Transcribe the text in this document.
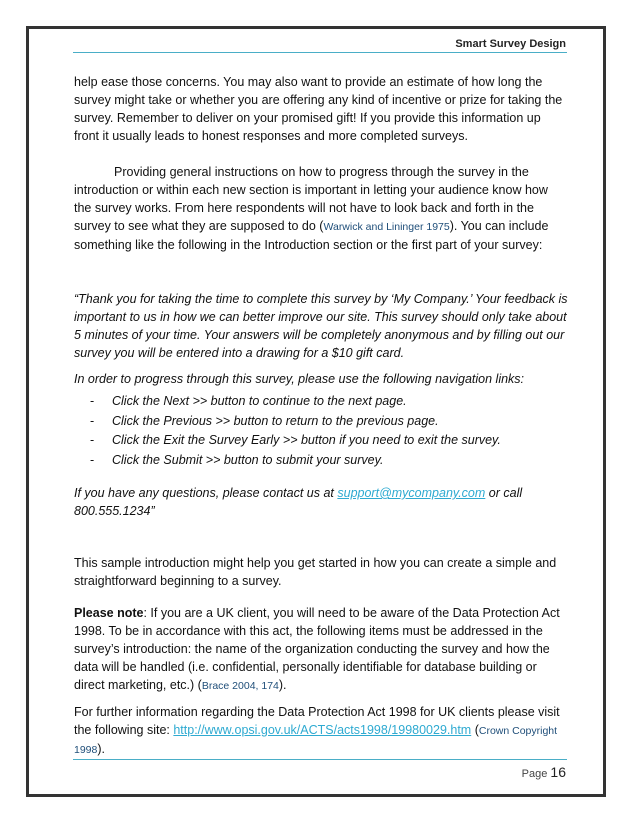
Smart Survey Design

help ease those concerns. You may also want to provide an estimate of how long the survey might take or whether you are offering any kind of incentive or prize for taking the survey. Remember to deliver on your promised gift! If you provide this information up front it usually leads to honest responses and more completed surveys.

Providing general instructions on how to progress through the survey in the introduction or within each new section is important in letting your audience know how the survey works. From here respondents will not have to look back and forth in the survey to see what they are supposed to do (Warwick and Lininger 1975). You can include something like the following in the Introduction section or the first part of your survey:

“Thank you for taking the time to complete this survey by ‘My Company.’ Your feedback is important to us in how we can better improve our site. This survey should only take about 5 minutes of your time. Your answers will be completely anonymous and by filling out our survey you will be entered into a drawing for a $10 gift card.

In order to progress through this survey, please use the following navigation links:

- Click the Next >> button to continue to the next page.
- Click the Previous >> button to return to the previous page.
- Click the Exit the Survey Early >> button if you need to exit the survey.
- Click the Submit >> button to submit your survey.

If you have any questions, please contact us at support@mycompany.com or call 800.555.1234”

This sample introduction might help you get started in how you can create a simple and straightforward beginning to a survey.

Please note: If you are a UK client, you will need to be aware of the Data Protection Act 1998. To be in accordance with this act, the following items must be addressed in the survey’s introduction: the name of the organization conducting the survey and how the data will be handled (i.e. confidential, personally identifiable for database building or direct marketing, etc.) (Brace 2004, 174).

For further information regarding the Data Protection Act 1998 for UK clients please visit the following site: http://www.opsi.gov.uk/ACTS/acts1998/19980029.htm (Crown Copyright 1998).

Page 16
